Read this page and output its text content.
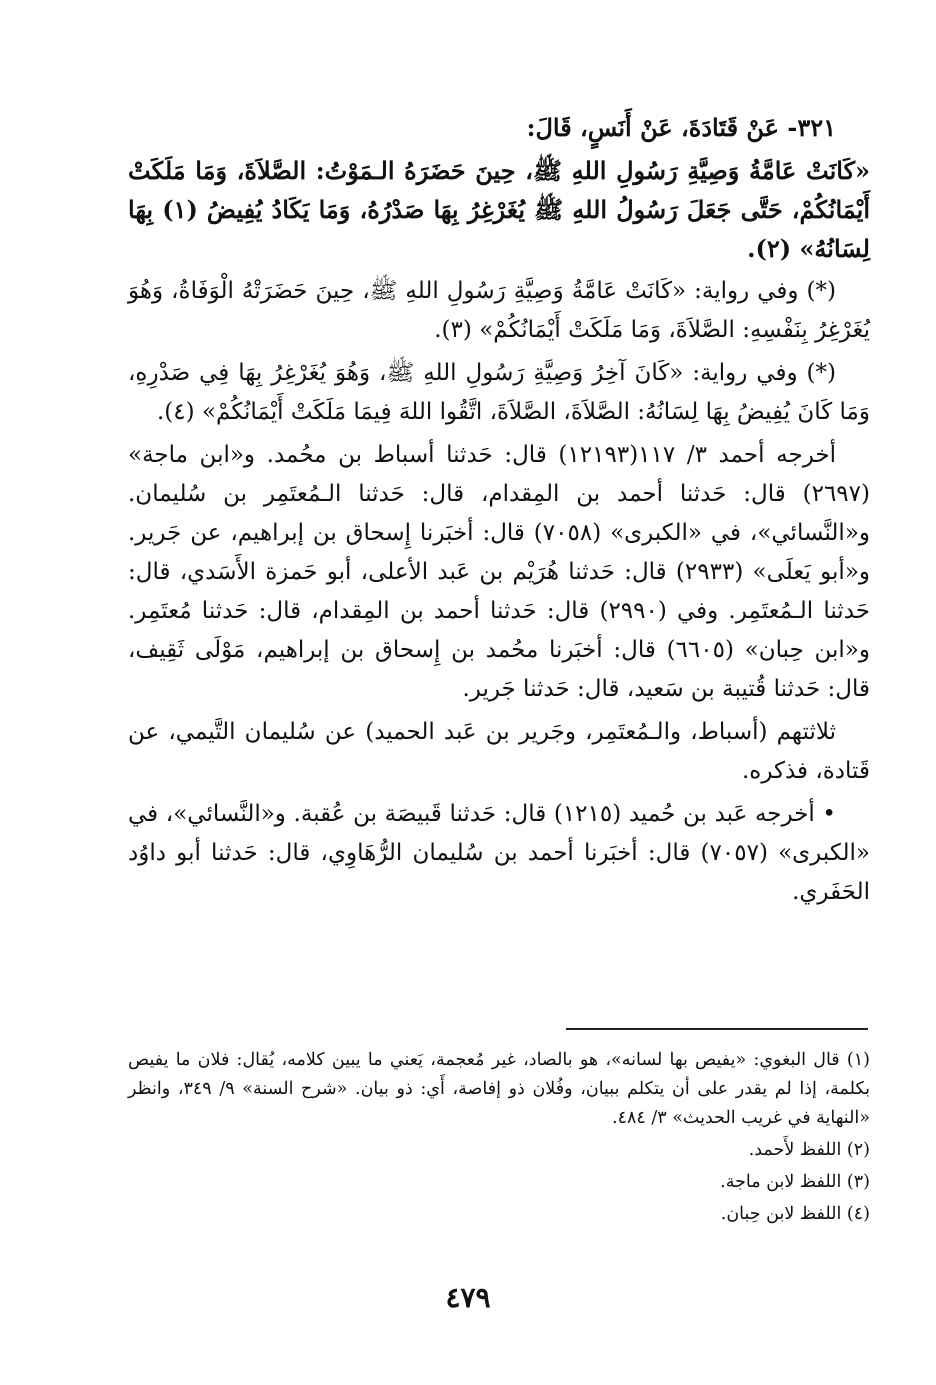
٣٢١- عَنْ قَتَادَةَ، عَنْ أَنَسٍ، قَالَ:

«كَانَتْ عَامَّةُ وَصِيَّةِ رَسُولِ اللهِ ﷺ، حِينَ حَضَرَهُ الـمَوْتُ: الصَّلاَةَ، وَمَا مَلَكَتْ أَيْمَانُكُمْ، حَتَّى جَعَلَ رَسُولُ اللهِ ﷺ يُغَرْغِرُ بِهَا صَدْرُهُ، وَمَا يَكَادُ يُفِيضُ (١) بِهَا لِسَانُهُ» (٢).

(*) وفي رواية: «كَانَتْ عَامَّةُ وَصِيَّةِ رَسُولِ اللهِ ﷺ، حِينَ حَضَرَتْهُ الْوَفَاةُ، وَهُوَ يُغَرْغِرُ بِنَفْسِهِ: الصَّلاَةَ، وَمَا مَلَكَتْ أَيْمَانُكُمْ» (٣).

(*) وفي رواية: «كَانَ آخِرُ وَصِيَّةِ رَسُولِ اللهِ ﷺ، وَهُوَ يُغَرْغِرُ بِهَا فِي صَدْرِهِ، وَمَا كَانَ يُفِيضُ بِهَا لِسَانُهُ: الصَّلاَةَ، الصَّلاَةَ، اتَّقُوا اللهَ فِيمَا مَلَكَتْ أَيْمَانُكُمْ» (٤).

أخرجه أحمد ٣/ ١١٧(١٢١٩٣) قال: حَدثنا أسباط بن محُمد. و«ابن ماجة» (٢٦٩٧) قال: حَدثنا أحمد بن المِقدام، قال: حَدثنا الـمُعتَمِر بن سُليمان. و«النَّسائي»، في «الكبرى» (٧٠٥٨) قال: أخبَرنا إِسحاق بن إبراهيم، عن جَرير. و«أبو يَعلَى» (٢٩٣٣) قال: حَدثنا هُرَيْم بن عَبد الأعلى، أبو حَمزة الأَسَدي، قال: حَدثنا الـمُعتَمِر. وفي (٢٩٩٠) قال: حَدثنا أحمد بن المِقدام، قال: حَدثنا مُعتَمِر. و«ابن حِبان» (٦٦٠٥) قال: أخبَرنا محُمد بن إِسحاق بن إبراهيم، مَوْلَى ثَقِيف، قال: حَدثنا قُتيبة بن سَعيد، قال: حَدثنا جَرير.

ثلاثتهم (أسباط، والـمُعتَمِر، وجَرير بن عَبد الحميد) عن سُليمان التَّيمي، عن قَتادة، فذكره.

• أخرجه عَبد بن حُميد (١٢١٥) قال: حَدثنا قَبيصَة بن عُقبة. و«النَّسائي»، في «الكبرى» (٧٠٥٧) قال: أخبَرنا أحمد بن سُليمان الرُّهَاوِي، قال: حَدثنا أبو داوُد الحَفَري.

(١) قال البغوي: «يفيص بها لسانه»، هو بالصاد، غير مُعجمة، يَعني ما يبين كلامه، يُقال: فلان ما يفيص بكلمة، إذا لم يقدر على أن يتكلم ببيان، وفُلان ذو إفاصة، أَي: ذو بيان. «شرح السنة» ٩/ ٣٤٩، وانظر «النهاية في غريب الحديث» ٣/ ٤٨٤.

(٢) اللفظ لأَحمد.

(٣) اللفظ لابن ماجة.

(٤) اللفظ لابن حِبان.

٤٧٩
